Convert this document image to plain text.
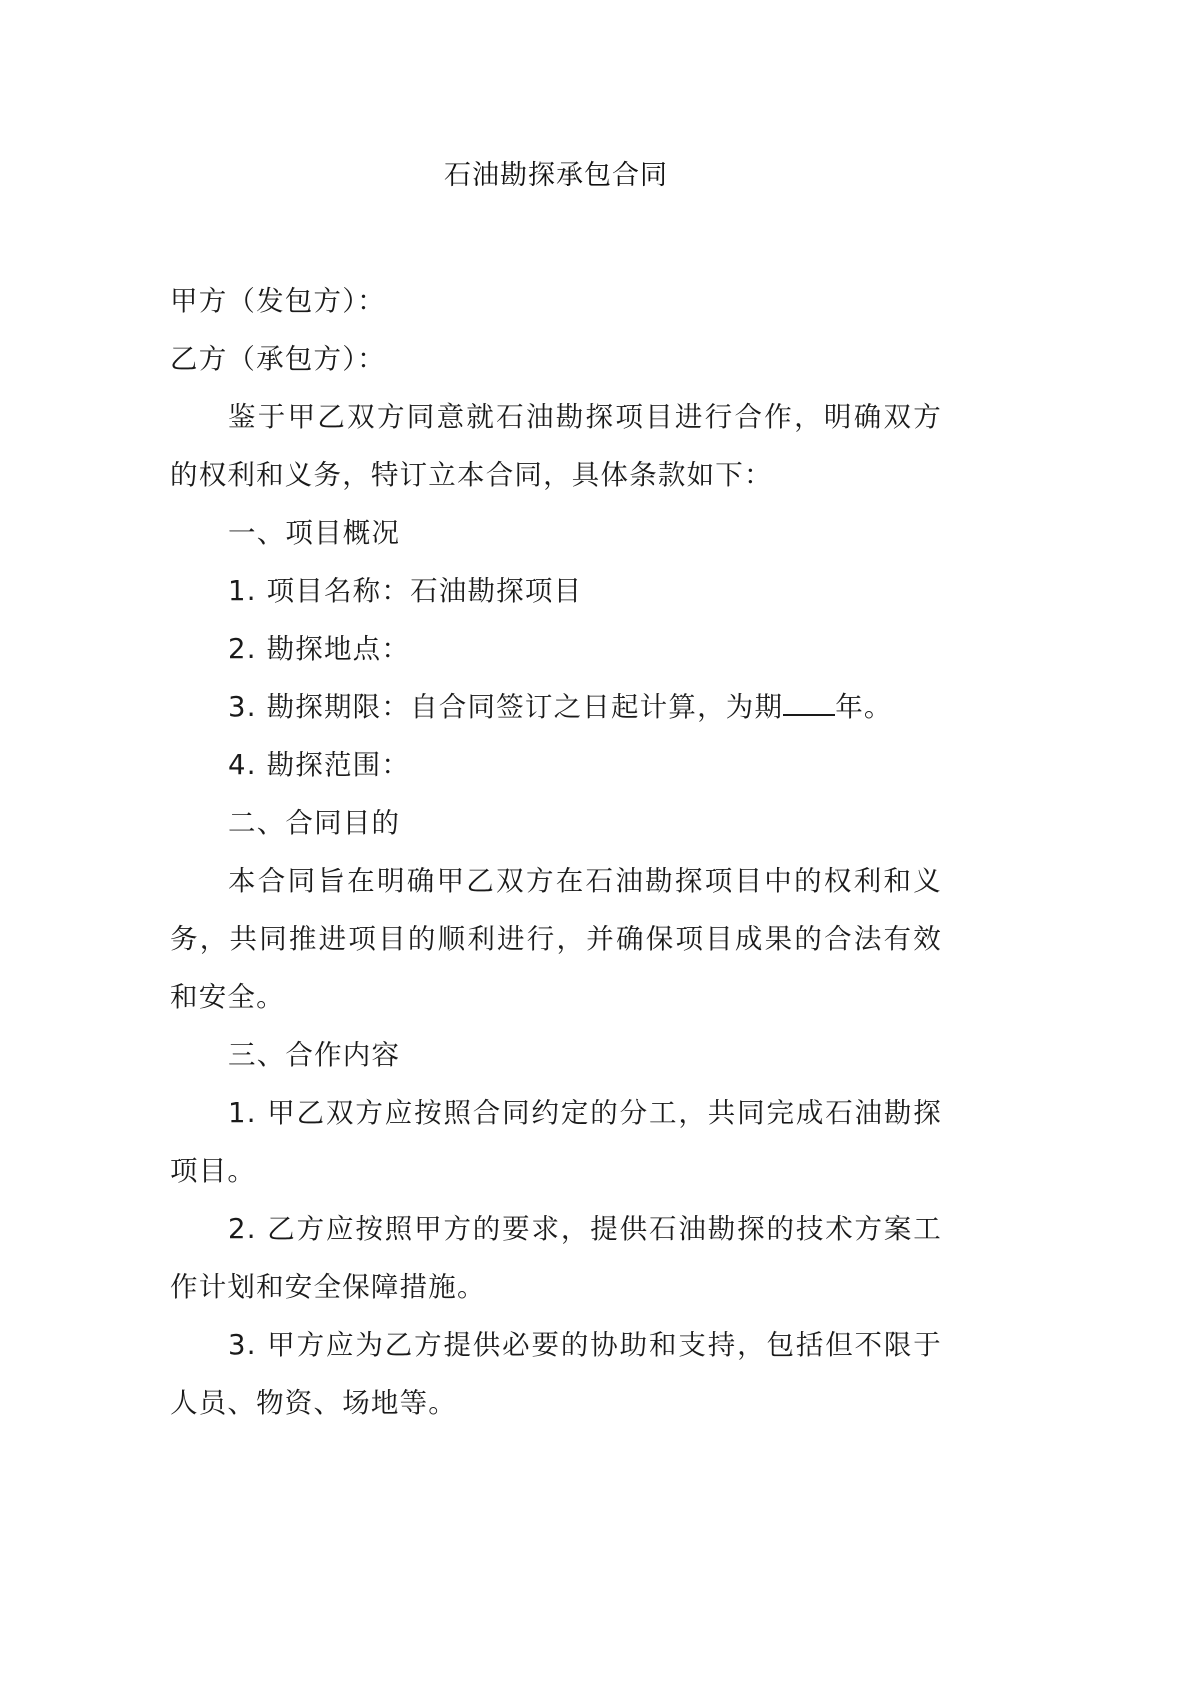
石油勘探承包合同

甲方（发包方）：

乙方（承包方）：

鉴于甲乙双方同意就石油勘探项目进行合作，明确双方的权利和义务，特订立本合同，具体条款如下：

一、项目概况

1. 项目名称：石油勘探项目

2. 勘探地点：

3. 勘探期限：自合同签订之日起计算，为期 年。

4. 勘探范围：

二、合同目的

本合同旨在明确甲乙双方在石油勘探项目中的权利和义务，共同推进项目的顺利进行，并确保项目成果的合法有效和安全。

三、合作内容

1. 甲乙双方应按照合同约定的分工，共同完成石油勘探项目。

2. 乙方应按照甲方的要求，提供石油勘探的技术方案工作计划和安全保障措施。

3. 甲方应为乙方提供必要的协助和支持，包括但不限于人员、物资、场地等。
